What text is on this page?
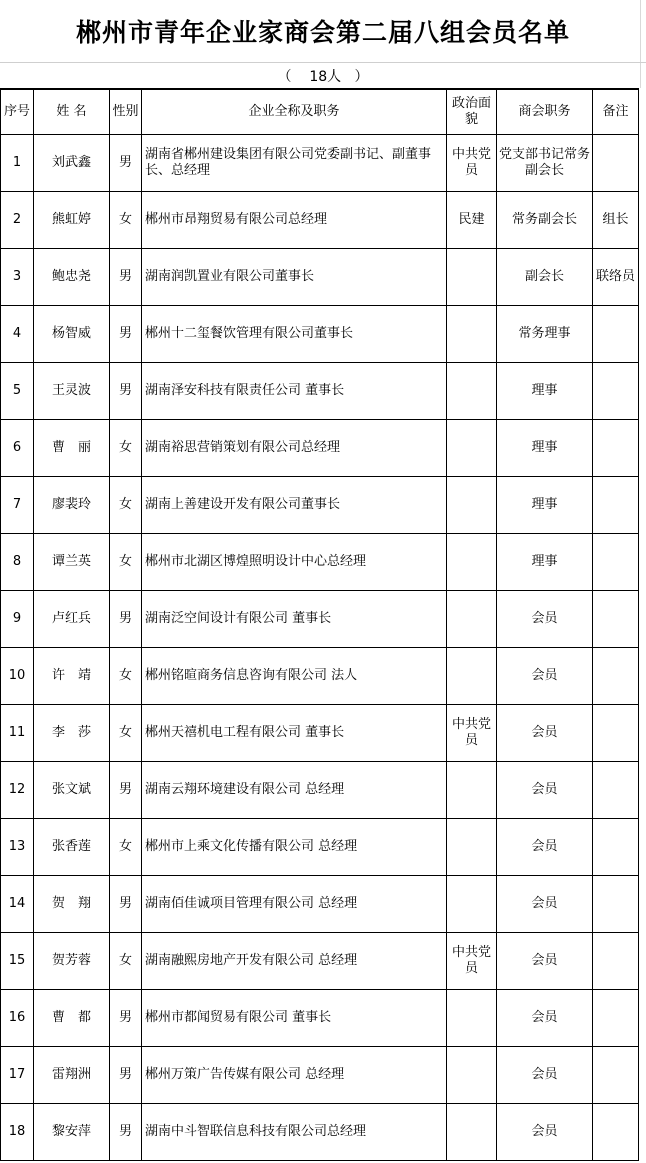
郴州市青年企业家商会第二届八组会员名单
（    18人   ）
序号	姓 名	性别	企业全称及职务	政治面貌	商会职务	备注
1	刘武鑫	男	湖南省郴州建设集团有限公司党委副书记、副董事长、总经理	中共党员	党支部书记常务副会长	
2	熊虹婷	女	郴州市昂翔贸易有限公司总经理	民建	常务副会长	组长
3	鲍忠尧	男	湖南润凯置业有限公司董事长		副会长	联络员
4	杨智威	男	郴州十二玺餐饮管理有限公司董事长		常务理事	
5	王灵波	男	湖南泽安科技有限责任公司 董事长		理事	
6	曹　丽	女	湖南裕思营销策划有限公司总经理		理事	
7	廖裴玲	女	湖南上善建设开发有限公司董事长		理事	
8	谭兰英	女	郴州市北湖区博煌照明设计中心总经理		理事	
9	卢红兵	男	湖南泛空间设计有限公司 董事长		会员	
10	许　靖	女	郴州铭暄商务信息咨询有限公司 法人		会员	
11	李　莎	女	郴州天禧机电工程有限公司 董事长	中共党员	会员	
12	张文斌	男	湖南云翔环境建设有限公司 总经理		会员	
13	张香莲	女	郴州市上乘文化传播有限公司 总经理		会员	
14	贺　翔	男	湖南佰佳诚项目管理有限公司 总经理		会员	
15	贺芳蓉	女	湖南融熙房地产开发有限公司 总经理	中共党员	会员	
16	曹　都	男	郴州市都闻贸易有限公司 董事长		会员	
17	雷翔洲	男	郴州万策广告传媒有限公司 总经理		会员	
18	黎安萍	男	湖南中斗智联信息科技有限公司总经理		会员	
